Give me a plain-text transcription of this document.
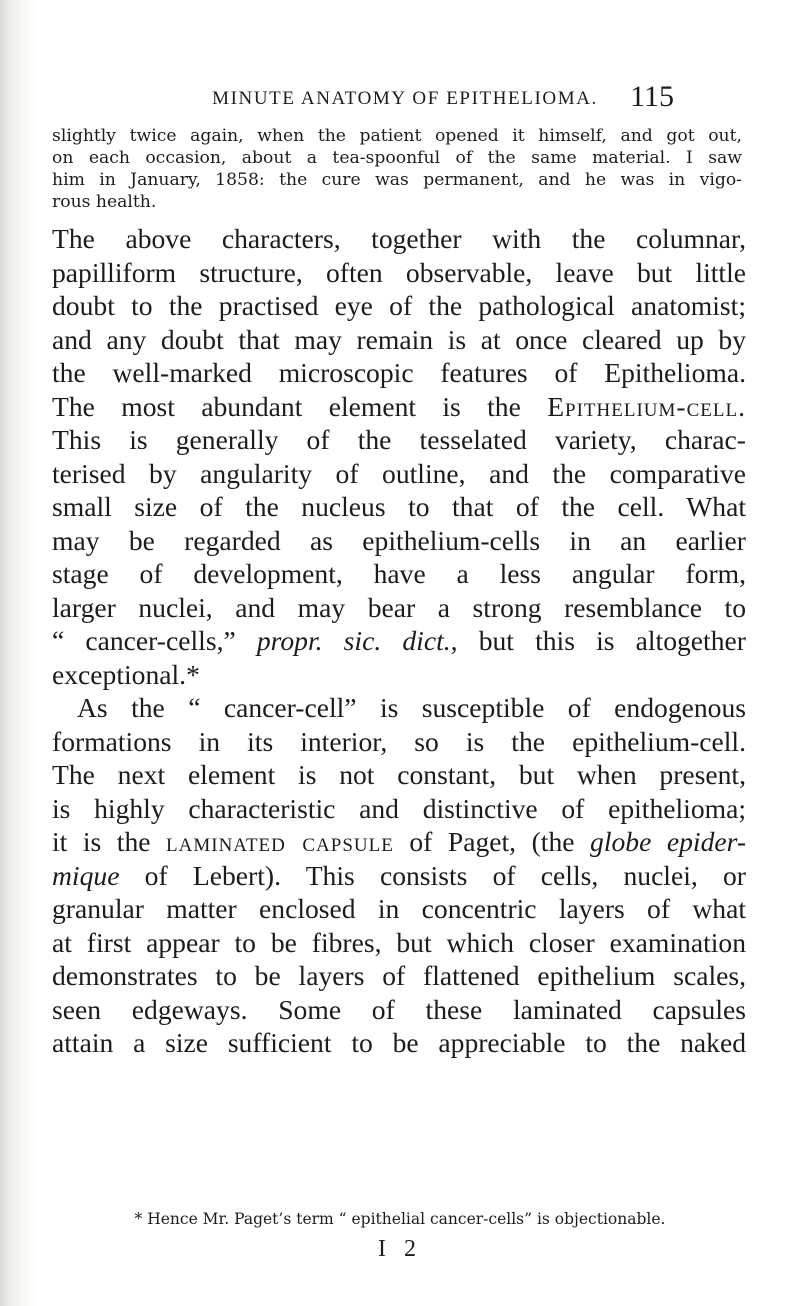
MINUTE ANATOMY OF EPITHELIOMA.	115
slightly twice again, when the patient opened it himself, and got out,
on each occasion, about a tea-spoonful of the same material. I saw
him in January, 1858: the cure was permanent, and he was in vigo-
rous health.
The above characters, together with the columnar,
papilliform structure, often observable, leave but little
doubt to the practised eye of the pathological anatomist;
and any doubt that may remain is at once cleared up by
the well-marked microscopic features of Epithelioma.
The most abundant element is the Epithelium-cell.
This is generally of the tesselated variety, charac-
terised by angularity of outline, and the comparative
small size of the nucleus to that of the cell. What
may be regarded as epithelium-cells in an earlier
stage of development, have a less angular form,
larger nuclei, and may bear a strong resemblance to
“ cancer-cells,” propr. sic. dict., but this is altogether
exceptional.*
As the “ cancer-cell” is susceptible of endogenous
formations in its interior, so is the epithelium-cell.
The next element is not constant, but when present,
is highly characteristic and distinctive of epithelioma;
it is the laminated capsule of Paget, (the globe epider-
mique of Lebert). This consists of cells, nuclei, or
granular matter enclosed in concentric layers of what
at first appear to be fibres, but which closer examination
demonstrates to be layers of flattened epithelium scales,
seen edgeways. Some of these laminated capsules
attain a size sufficient to be appreciable to the naked
* Hence Mr. Paget’s term “ epithelial cancer-cells” is objectionable.
I 2
